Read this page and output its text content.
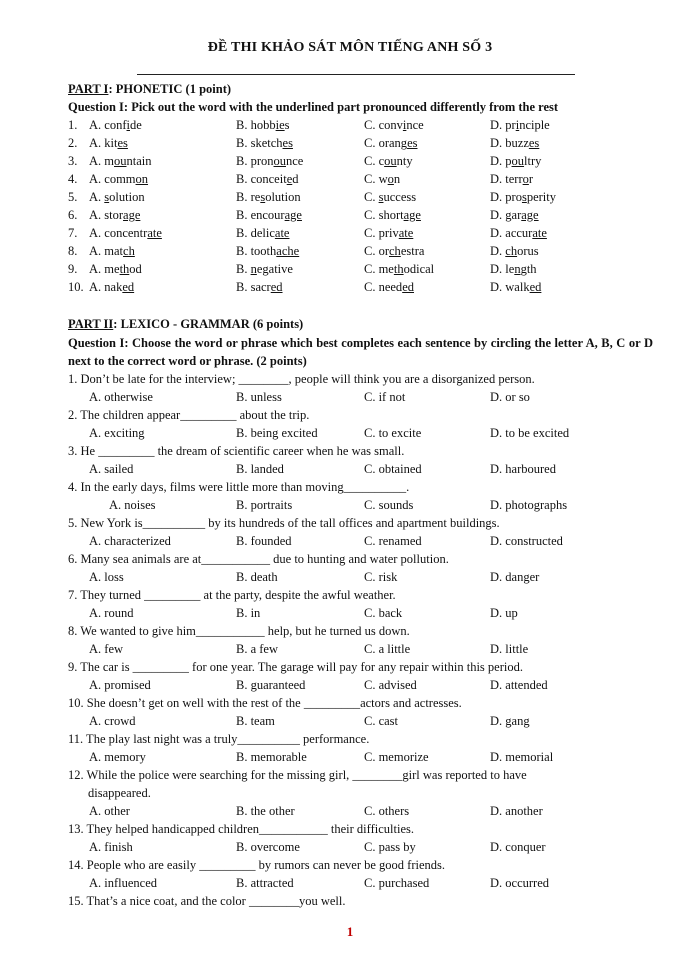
ĐỀ THI KHẢO SÁT MÔN TIẾNG ANH SỐ 3
PART I: PHONETIC (1 point)
Question I: Pick out the word with the underlined part pronounced differently from the rest
1. A. confide	B. hobbies	C. convince	D. principle
2. A. kites	B. sketches	C. oranges	D. buzzes
3. A. mountain	B. pronounce	C. county	D. poultry
4. A. common	B. conceited	C. won	D. terror
5. A. solution	B. resolution	C. success	D. prosperity
6. A. storage	B. encourage	C. shortage	D. garage
7. A. concentrate	B. delicate	C. private	D. accurate
8. A. match	B. toothache	C. orchestra	D. chorus
9. A. method	B. negative	C. methodical	D. length
10. A. naked	B. sacred	C. needed	D. walked
PART II: LEXICO - GRAMMAR (6 points)
Question I: Choose the word or phrase which best completes each sentence by circling the letter A, B, C or D next to the correct word or phrase. (2 points)
1. Don’t be late for the interview; ________, people will think you are a disorganized person.
A. otherwise	B. unless	C. if not	D. or so
2. The children appear_________ about the trip.
A. exciting	B. being excited	C. to excite	D. to be excited
3. He _________ the dream of scientific career when he was small.
A. sailed	B. landed	C. obtained	D. harboured
4. In the early days, films were little more than moving__________.
A. noises	B. portraits	C. sounds	D. photographs
5. New York is__________ by its hundreds of the tall offices and apartment buildings.
A. characterized	B. founded	C. renamed	D. constructed
6. Many sea animals are at___________ due to hunting and water pollution.
A. loss	B. death	C. risk	D. danger
7. They turned _________ at the party, despite the awful weather.
A. round	B. in	C. back	D. up
8. We wanted to give him___________ help, but he turned us down.
A. few	B. a few	C. a little	D. little
9. The car is _________ for one year. The garage will pay for any repair within this period.
A. promised	B. guaranteed	C. advised	D. attended
10. She doesn’t get on well with the rest of the _________actors and actresses.
A. crowd	B. team	C. cast	D. gang
11. The play last night was a truly__________ performance.
A. memory	B. memorable	C. memorize	D. memorial
12. While the police were searching for the missing girl, ________girl was reported to have
disappeared.
A. other	B. the other	C. others	D. another
13. They helped handicapped children___________ their difficulties.
A. finish	B. overcome	C. pass by	D. conquer
14. People who are easily _________ by rumors can never be good friends.
A. influenced	B. attracted	C. purchased	D. occurred
15. That’s a nice coat, and the color ________you well.
1
